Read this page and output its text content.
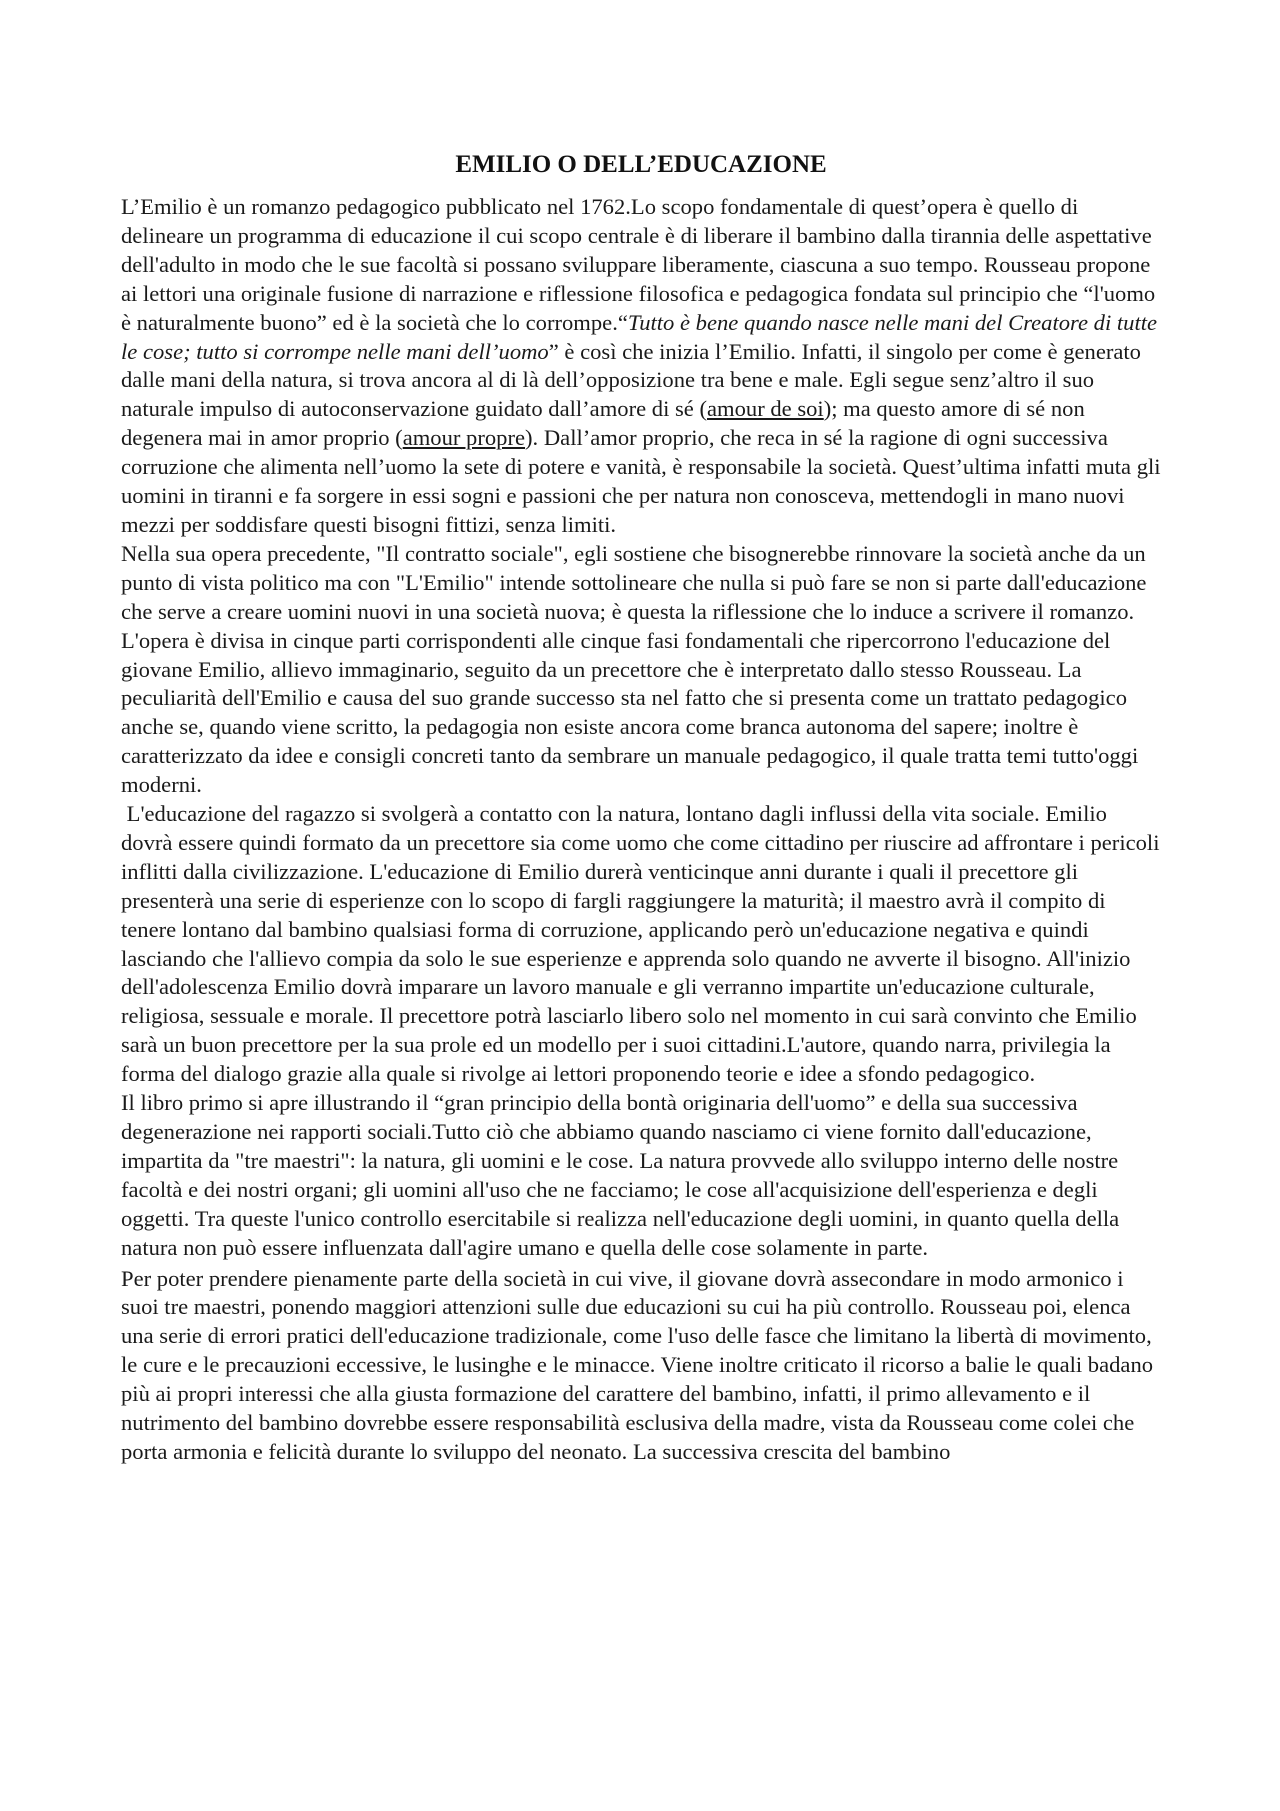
EMILIO O DELL’EDUCAZIONE

L’Emilio è un romanzo pedagogico pubblicato nel 1762.Lo scopo fondamentale di quest’opera è quello di delineare un programma di educazione il cui scopo centrale è di liberare il bambino dalla tirannia delle aspettative dell'adulto in modo che le sue facoltà si possano sviluppare liberamente, ciascuna a suo tempo. Rousseau propone ai lettori una originale fusione di narrazione e riflessione filosofica e pedagogica fondata sul principio che “l'uomo è naturalmente buono” ed è la società che lo corrompe.“Tutto è bene quando nasce nelle mani del Creatore di tutte le cose; tutto si corrompe nelle mani dell’uomo” è così che inizia l’Emilio. Infatti, il singolo per come è generato dalle mani della natura, si trova ancora al di là dell’opposizione tra bene e male. Egli segue senz’altro il suo naturale impulso di autoconservazione guidato dall’amore di sé (amour de soi); ma questo amore di sé non degenera mai in amor proprio (amour propre). Dall’amor proprio, che reca in sé la ragione di ogni successiva corruzione che alimenta nell’uomo la sete di potere e vanità, è responsabile la società. Quest’ultima infatti muta gli uomini in tiranni e fa sorgere in essi sogni e passioni che per natura non conosceva, mettendogli in mano nuovi mezzi per soddisfare questi bisogni fittizi, senza limiti.

Nella sua opera precedente, "Il contratto sociale", egli sostiene che bisognerebbe rinnovare la società anche da un punto di vista politico ma con "L'Emilio" intende sottolineare che nulla si può fare se non si parte dall'educazione che serve a creare uomini nuovi in una società nuova; è questa la riflessione che lo induce a scrivere il romanzo. L'opera è divisa in cinque parti corrispondenti alle cinque fasi fondamentali che ripercorrono l'educazione del giovane Emilio, allievo immaginario, seguito da un precettore che è interpretato dallo stesso Rousseau. La peculiarità dell'Emilio e causa del suo grande successo sta nel fatto che si presenta come un trattato pedagogico anche se, quando viene scritto, la pedagogia non esiste ancora come branca autonoma del sapere; inoltre è caratterizzato da idee e consigli concreti tanto da sembrare un manuale pedagogico, il quale tratta temi tutto'oggi moderni.

L'educazione del ragazzo si svolgerà a contatto con la natura, lontano dagli influssi della vita sociale. Emilio dovrà essere quindi formato da un precettore sia come uomo che come cittadino per riuscire ad affrontare i pericoli inflitti dalla civilizzazione. L'educazione di Emilio durerà venticinque anni durante i quali il precettore gli presenterà una serie di esperienze con lo scopo di fargli raggiungere la maturità; il maestro avrà il compito di tenere lontano dal bambino qualsiasi forma di corruzione, applicando però un'educazione negativa e quindi lasciando che l'allievo compia da solo le sue esperienze e apprenda solo quando ne avverte il bisogno. All'inizio dell'adolescenza Emilio dovrà imparare un lavoro manuale e gli verranno impartite un'educazione culturale, religiosa, sessuale e morale. Il precettore potrà lasciarlo libero solo nel momento in cui sarà convinto che Emilio sarà un buon precettore per la sua prole ed un modello per i suoi cittadini.L'autore, quando narra, privilegia la forma del dialogo grazie alla quale si rivolge ai lettori proponendo teorie e idee a sfondo pedagogico.

Il libro primo si apre illustrando il “gran principio della bontà originaria dell'uomo” e della sua successiva degenerazione nei rapporti sociali.Tutto ciò che abbiamo quando nasciamo ci viene fornito dall'educazione, impartita da "tre maestri": la natura, gli uomini e le cose. La natura provvede allo sviluppo interno delle nostre facoltà e dei nostri organi; gli uomini all'uso che ne facciamo; le cose all'acquisizione dell'esperienza e degli oggetti. Tra queste l'unico controllo esercitabile si realizza nell'educazione degli uomini, in quanto quella della natura non può essere influenzata dall'agire umano e quella delle cose solamente in parte.

Per poter prendere pienamente parte della società in cui vive, il giovane dovrà assecondare in modo armonico i suoi tre maestri, ponendo maggiori attenzioni sulle due educazioni su cui ha più controllo. Rousseau poi, elenca una serie di errori pratici dell'educazione tradizionale, come l'uso delle fasce che limitano la libertà di movimento, le cure e le precauzioni eccessive, le lusinghe e le minacce. Viene inoltre criticato il ricorso a balie le quali badano più ai propri interessi che alla giusta formazione del carattere del bambino, infatti, il primo allevamento e il nutrimento del bambino dovrebbe essere responsabilità esclusiva della madre, vista da Rousseau come colei che porta armonia e felicità durante lo sviluppo del neonato. La successiva crescita del bambino
